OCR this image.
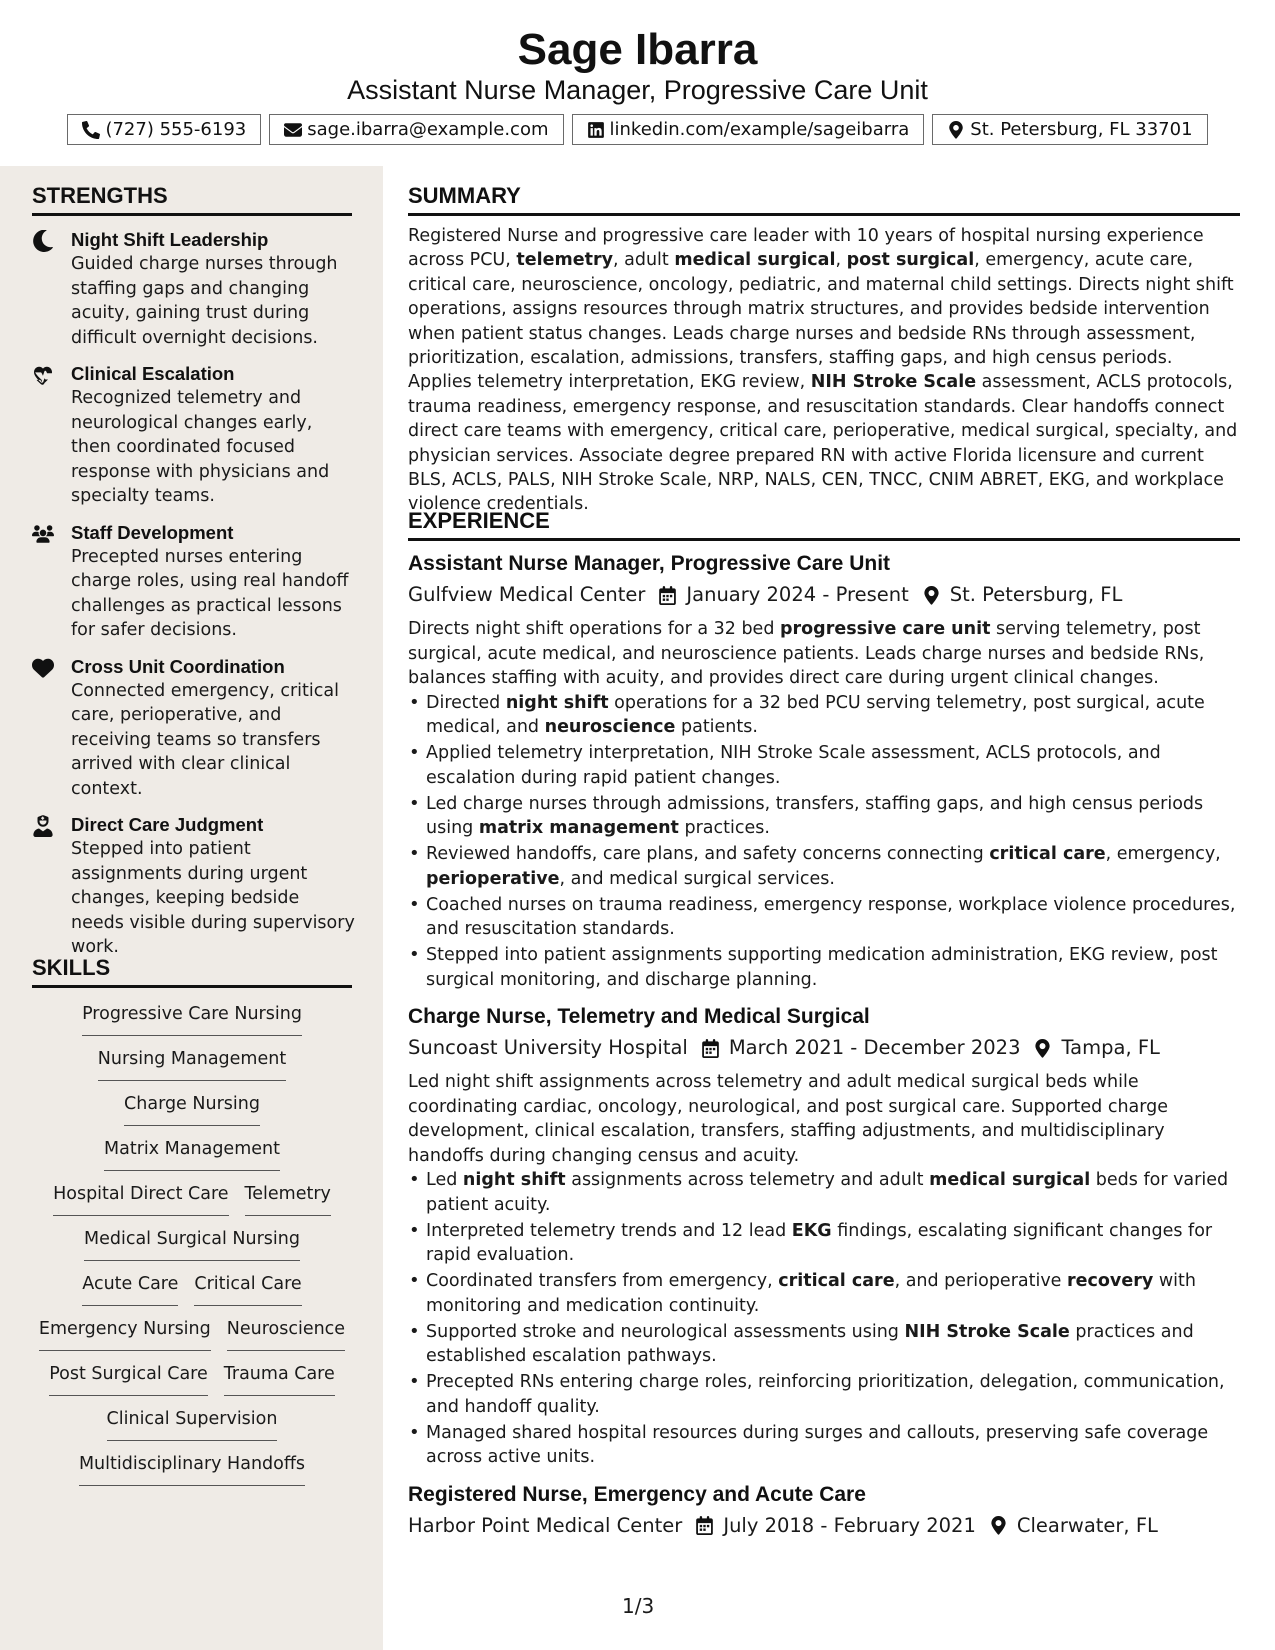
Sage Ibarra
Assistant Nurse Manager, Progressive Care Unit
(727) 555-6193	sage.ibarra@example.com	linkedin.com/example/sageibarra	St. Petersburg, FL 33701
STRENGTHS
Night Shift Leadership
Guided charge nurses through staffing gaps and changing acuity, gaining trust during difficult overnight decisions.
Clinical Escalation
Recognized telemetry and neurological changes early, then coordinated focused response with physicians and specialty teams.
Staff Development
Precepted nurses entering charge roles, using real handoff challenges as practical lessons for safer decisions.
Cross Unit Coordination
Connected emergency, critical care, perioperative, and receiving teams so transfers arrived with clear clinical context.
Direct Care Judgment
Stepped into patient assignments during urgent changes, keeping bedside needs visible during supervisory work.
SKILLS
Progressive Care Nursing
Nursing Management
Charge Nursing
Matrix Management
Hospital Direct Care Telemetry
Medical Surgical Nursing
Acute Care Critical Care
Emergency Nursing Neuroscience
Post Surgical Care Trauma Care
Clinical Supervision
Multidisciplinary Handoffs
SUMMARY
Registered Nurse and progressive care leader with 10 years of hospital nursing experience across PCU, telemetry, adult medical surgical, post surgical, emergency, acute care, critical care, neuroscience, oncology, pediatric, and maternal child settings. Directs night shift operations, assigns resources through matrix structures, and provides bedside intervention when patient status changes. Leads charge nurses and bedside RNs through assessment, prioritization, escalation, admissions, transfers, staffing gaps, and high census periods. Applies telemetry interpretation, EKG review, NIH Stroke Scale assessment, ACLS protocols, trauma readiness, emergency response, and resuscitation standards. Clear handoffs connect direct care teams with emergency, critical care, perioperative, medical surgical, specialty, and physician services. Associate degree prepared RN with active Florida licensure and current BLS, ACLS, PALS, NIH Stroke Scale, NRP, NALS, CEN, TNCC, CNIM ABRET, EKG, and workplace violence credentials.
EXPERIENCE
Assistant Nurse Manager, Progressive Care Unit
Gulfview Medical Center January 2024 - Present St. Petersburg, FL
Directs night shift operations for a 32 bed progressive care unit serving telemetry, post surgical, acute medical, and neuroscience patients. Leads charge nurses and bedside RNs, balances staffing with acuity, and provides direct care during urgent clinical changes.
• Directed night shift operations for a 32 bed PCU serving telemetry, post surgical, acute medical, and neuroscience patients.
• Applied telemetry interpretation, NIH Stroke Scale assessment, ACLS protocols, and escalation during rapid patient changes.
• Led charge nurses through admissions, transfers, staffing gaps, and high census periods using matrix management practices.
• Reviewed handoffs, care plans, and safety concerns connecting critical care, emergency, perioperative, and medical surgical services.
• Coached nurses on trauma readiness, emergency response, workplace violence procedures, and resuscitation standards.
• Stepped into patient assignments supporting medication administration, EKG review, post surgical monitoring, and discharge planning.
Charge Nurse, Telemetry and Medical Surgical
Suncoast University Hospital March 2021 - December 2023 Tampa, FL
Led night shift assignments across telemetry and adult medical surgical beds while coordinating cardiac, oncology, neurological, and post surgical care. Supported charge development, clinical escalation, transfers, staffing adjustments, and multidisciplinary handoffs during changing census and acuity.
• Led night shift assignments across telemetry and adult medical surgical beds for varied patient acuity.
• Interpreted telemetry trends and 12 lead EKG findings, escalating significant changes for rapid evaluation.
• Coordinated transfers from emergency, critical care, and perioperative recovery with monitoring and medication continuity.
• Supported stroke and neurological assessments using NIH Stroke Scale practices and established escalation pathways.
• Precepted RNs entering charge roles, reinforcing prioritization, delegation, communication, and handoff quality.
• Managed shared hospital resources during surges and callouts, preserving safe coverage across active units.
Registered Nurse, Emergency and Acute Care
Harbor Point Medical Center July 2018 - February 2021 Clearwater, FL
1/3
